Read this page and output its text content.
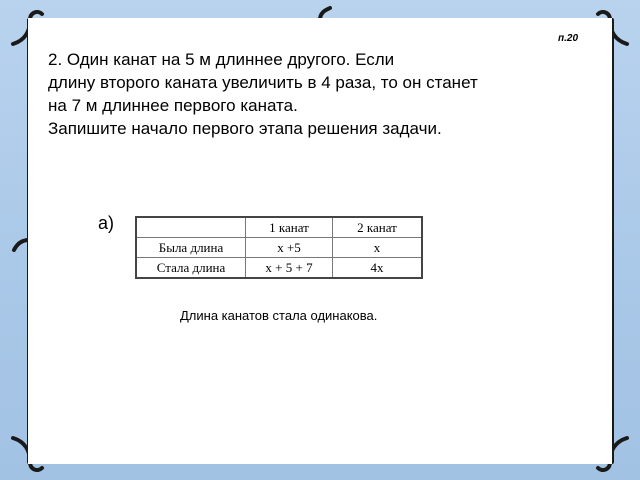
п.20
2. Один канат на 5 м длиннее другого. Если
длину второго каната увеличить в 4 раза, то он станет
на 7 м длиннее первого каната.
Запишите начало первого этапа решения задачи.
а)
		1 канат	2 канат
Была длина	x +5	x
Стала длина	x + 5 + 7	4x
Длина канатов стала одинакова.
